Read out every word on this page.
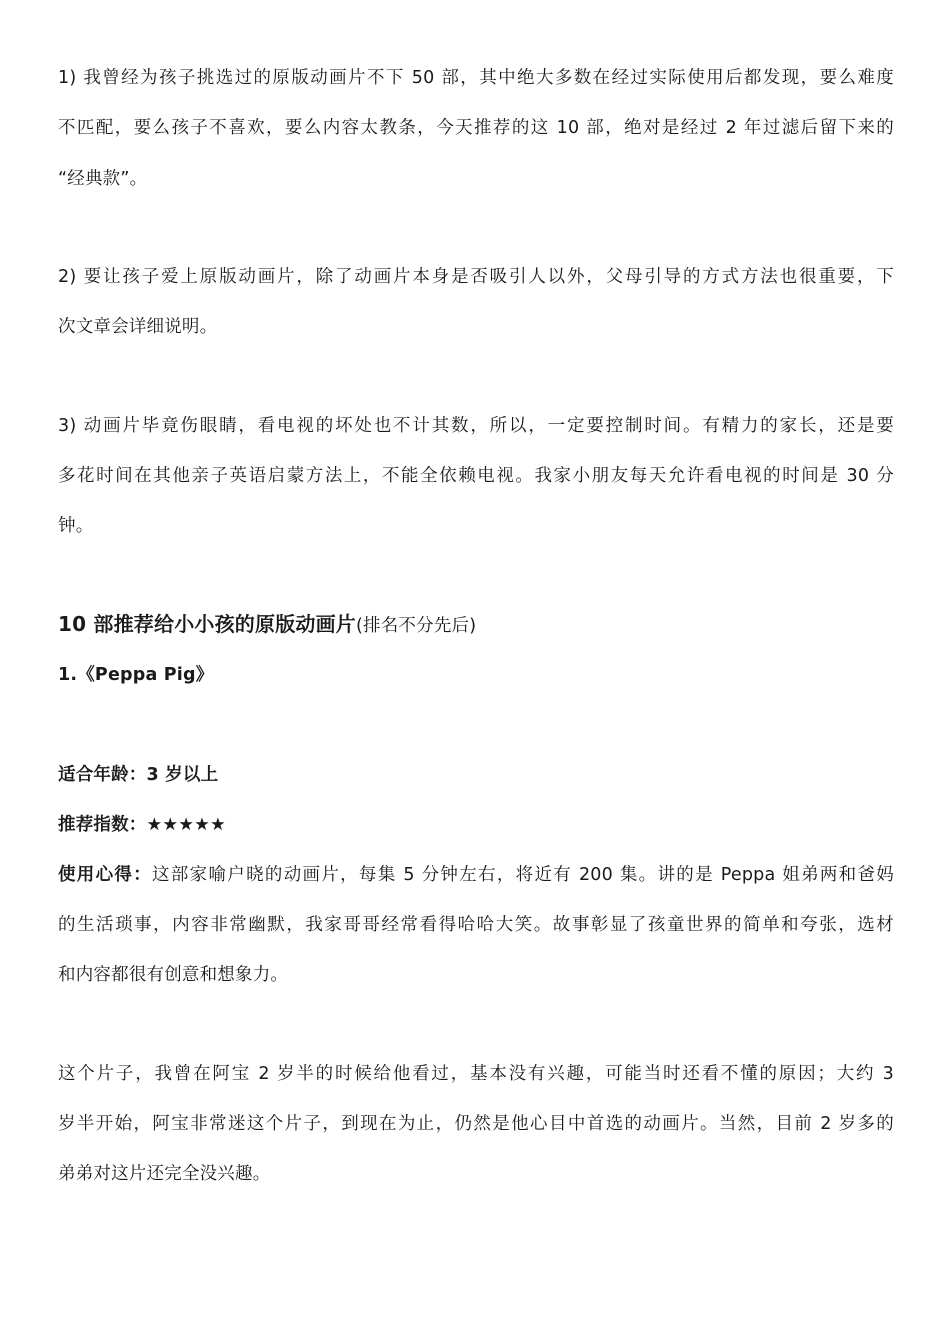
1) 我曾经为孩子挑选过的原版动画片不下 50 部，其中绝大多数在经过实际使用后都发现，要么难度
不匹配，要么孩子不喜欢，要么内容太教条，今天推荐的这 10 部，绝对是经过 2 年过滤后留下来的
“经典款”。
2) 要让孩子爱上原版动画片，除了动画片本身是否吸引人以外，父母引导的方式方法也很重要，下
次文章会详细说明。
3) 动画片毕竟伤眼睛，看电视的坏处也不计其数，所以，一定要控制时间。有精力的家长，还是要
多花时间在其他亲子英语启蒙方法上，不能全依赖电视。我家小朋友每天允许看电视的时间是 30 分
钟。
10 部推荐给小小孩的原版动画片(排名不分先后)
1.《Peppa Pig》
适合年龄：3 岁以上
推荐指数：★★★★★
使用心得：这部家喻户晓的动画片，每集 5 分钟左右，将近有 200 集。讲的是 Peppa 姐弟两和爸妈
的生活琐事，内容非常幽默，我家哥哥经常看得哈哈大笑。故事彰显了孩童世界的简单和夸张，选材
和内容都很有创意和想象力。
这个片子，我曾在阿宝 2 岁半的时候给他看过，基本没有兴趣，可能当时还看不懂的原因；大约 3
岁半开始，阿宝非常迷这个片子，到现在为止，仍然是他心目中首选的动画片。当然，目前 2 岁多的
弟弟对这片还完全没兴趣。
